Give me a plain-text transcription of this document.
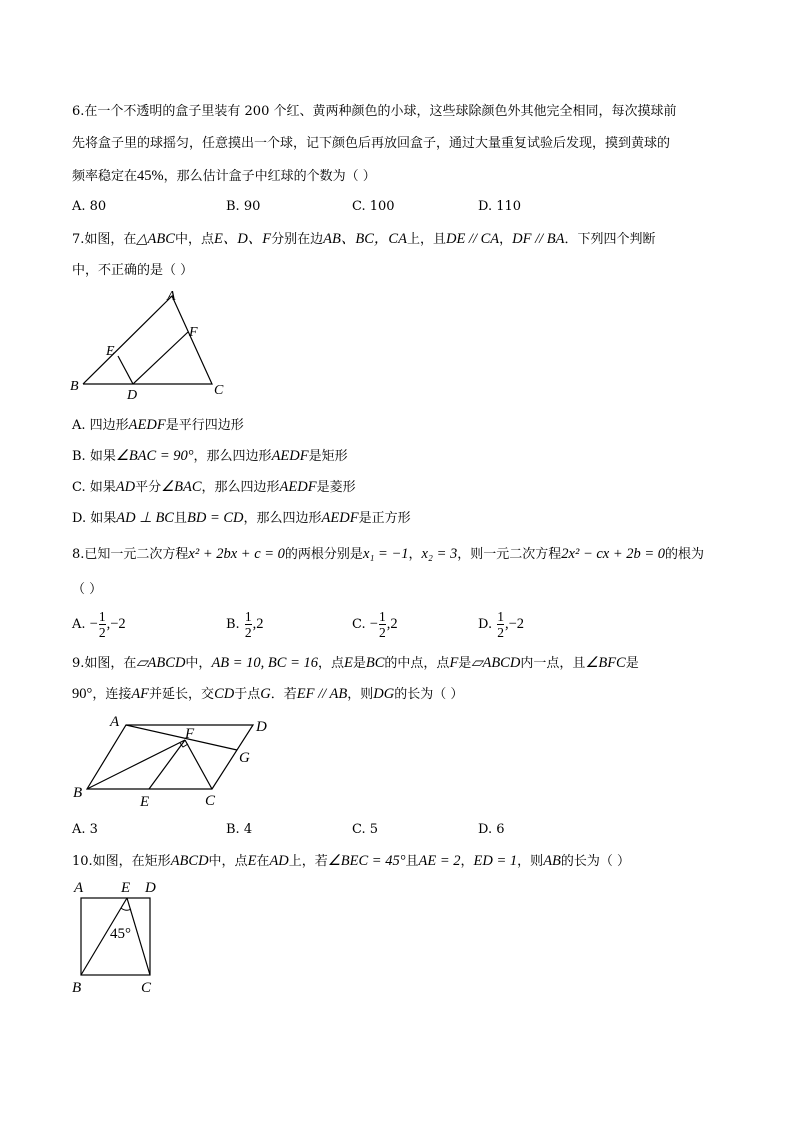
6.在一个不透明的盒子里装有 200 个红、黄两种颜色的小球，这些球除颜色外其他完全相同，每次摸球前
先将盒子里的球摇匀，任意摸出一个球，记下颜色后再放回盒子，通过大量重复试验后发现，摸到黄球的
频率稳定在45%，那么估计盒子中红球的个数为（ ）
A. 80	B. 90	C. 100	D. 110
7.如图，在△ABC中，点E、D、F分别在边AB、BC，CA上，且DE // CA，DF // BA．下列四个判断
中，不正确的是（ ）
A
F
E
B
D	C
A. 四边形AEDF是平行四边形
B. 如果∠BAC = 90°，那么四边形AEDF是矩形
C. 如果AD平分∠BAC，那么四边形AEDF是菱形
D. 如果AD ⊥ BC且BD = CD，那么四边形AEDF是正方形
8.已知一元二次方程x² + 2bx + c = 0的两根分别是x₁ = −1，x₂ = 3，则一元二次方程2x² − cx + 2b = 0的根为
（ ）
A. − $\frac{1}{2} ,-2$	B. $\frac{1}{2} ,2$	C. − $\frac{1}{2} ,2$	D. $\frac{1}{2} ,-2$
9.如图，在▱ABCD中，AB = 10, BC = 16，点E是BC的中点，点F是▱ABCD内一点，且∠BFC是
90°，连接AF并延长，交CD于点G．若EF // AB，则DG的长为（ ）
A
F	D
G
B
E	C
A. 3	B. 4	C. 5	D. 6
10.如图，在矩形ABCD中，点E在AD上，若∠BEC = 45°且AE = 2，ED = 1，则AB的长为（ ）
A	E D
45°
B	C
